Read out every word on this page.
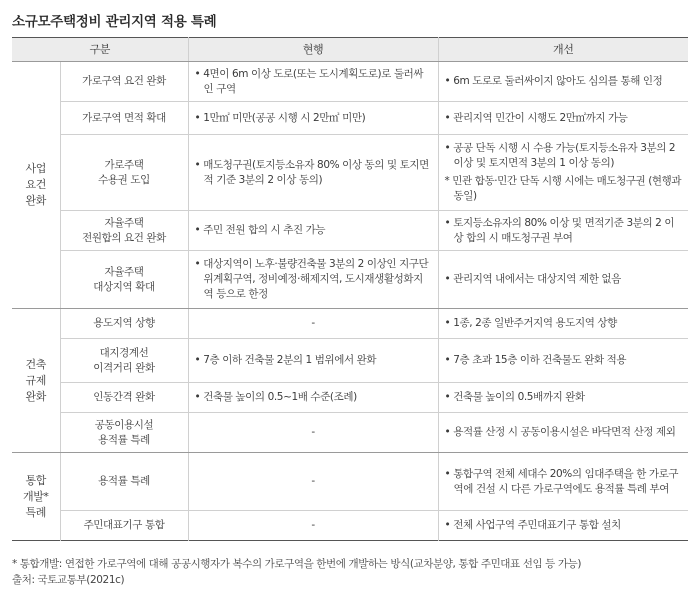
소규모주택정비 관리지역 적용 특례
구분		현행	개선
사업
요건
완화	가로구역 요건 완화	• 4면이 6m 이상 도로(또는 도시계획도로)로 둘러싸인 구역	• 6m 도로로 둘러싸이지 않아도 심의를 통해 인정

	가로구역 면적 확대	• 1만㎡ 미만(공공 시행 시 2만㎡ 미만)	• 관리지역 민간이 시행도 2만㎡까지 가능

	가로주택
수용권 도입	• 매도청구권(토지등소유자 80% 이상 동의 및 토지면적 기준 3분의 2 이상 동의)	• 공공 단독 시행 시 수용 가능(토지등소유자 3분의 2 이상 및 토지면적 3분의 1 이상 동의)
* 민관 합동·민간 단독 시행 시에는 매도청구권 (현행과 동일)

	자율주택
전원합의 요건 완화	• 주민 전원 합의 시 추진 가능	• 토지등소유자의 80% 이상 및 면적기준 3분의 2 이상 합의 시 매도청구권 부여

	자율주택
대상지역 확대	• 대상지역이 노후·불량건축물 3분의 2 이상인 지구단위계획구역, 정비예정·해제지역, 도시재생활성화지역 등으로 한정	• 관리지역 내에서는 대상지역 제한 없음

건축
규제
완화	용도지역 상향	-	• 1종, 2종 일반주거지역 용도지역 상향

	대지경계선
이격거리 완화	• 7층 이하 건축물 2분의 1 범위에서 완화	• 7층 초과 15층 이하 건축물도 완화 적용

	인동간격 완화	• 건축물 높이의 0.5~1배 수준(조례)	• 건축물 높이의 0.5배까지 완화

	공동이용시설
용적률 특례	-	• 용적률 산정 시 공동이용시설은 바닥면적 산정 제외

통합
개발*
특례	용적률 특례	-	• 통합구역 전체 세대수 20%의 임대주택을 한 가로구역에 건설 시 다른 가로구역에도 용적률 특례 부여

	주민대표기구 통합	-	• 전체 사업구역 주민대표기구 통합 설치
* 통합개발: 연접한 가로구역에 대해 공공시행자가 복수의 가로구역을 한번에 개발하는 방식(교차분양, 통합 주민대표 선임 등 가능)
출처: 국토교통부(2021c)
